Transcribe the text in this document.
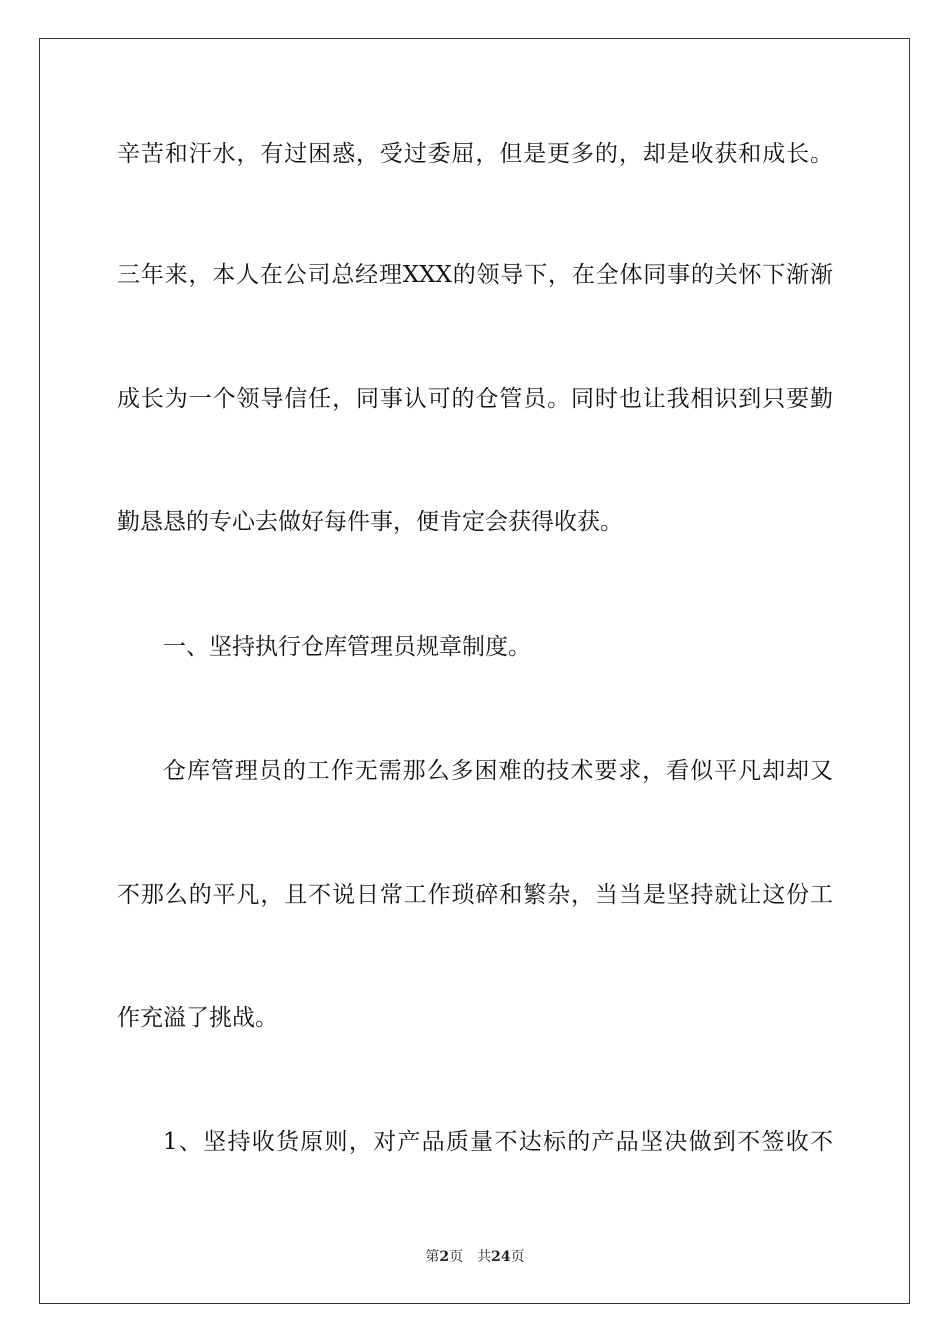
辛苦和汗水，有过困惑，受过委屈，但是更多的，却是收获和成长。
三年来，本人在公司总经理XXX的领导下，在全体同事的关怀下渐渐
成长为一个领导信任，同事认可的仓管员。同时也让我相识到只要勤
勤恳恳的专心去做好每件事，便肯定会获得收获。
一、坚持执行仓库管理员规章制度。
仓库管理员的工作无需那么多困难的技术要求，看似平凡却却又
不那么的平凡，且不说日常工作琐碎和繁杂，当当是坚持就让这份工
作充溢了挑战。
1、坚持收货原则，对产品质量不达标的产品坚决做到不签收不
第2页 共24页
